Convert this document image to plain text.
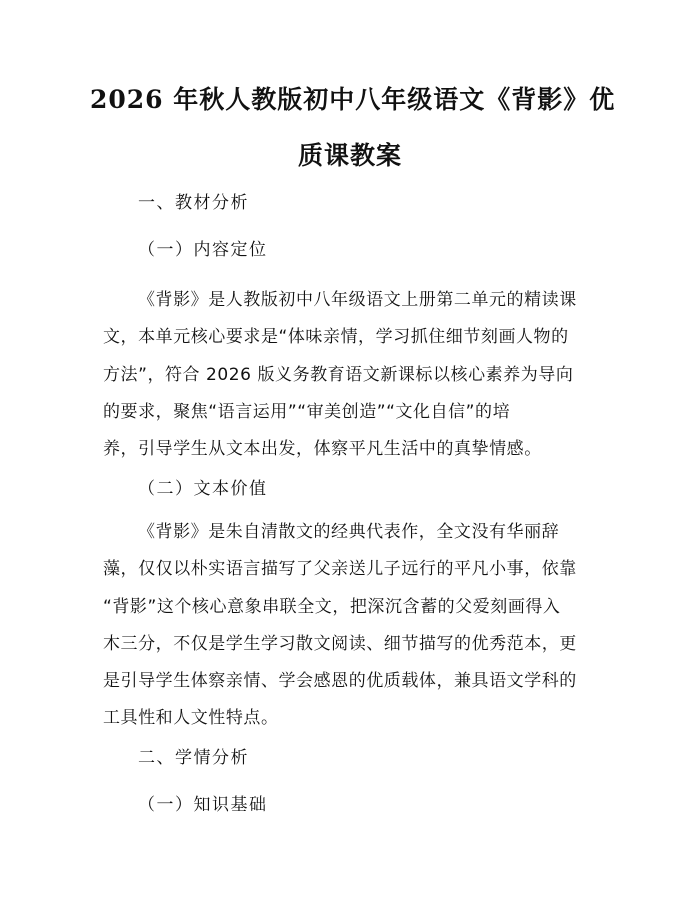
2026 年秋人教版初中八年级语文《背影》优
质课教案
一、教材分析
（一）内容定位
《背影》是人教版初中八年级语文上册第二单元的精读课
文，本单元核心要求是“体味亲情，学习抓住细节刻画人物的
方法”，符合 2026 版义务教育语文新课标以核心素养为导向
的要求，聚焦“语言运用”“审美创造”“文化自信”的培
养，引导学生从文本出发，体察平凡生活中的真挚情感。
（二）文本价值
《背影》是朱自清散文的经典代表作，全文没有华丽辞
藻，仅仅以朴实语言描写了父亲送儿子远行的平凡小事，依靠
“背影”这个核心意象串联全文，把深沉含蓄的父爱刻画得入
木三分，不仅是学生学习散文阅读、细节描写的优秀范本，更
是引导学生体察亲情、学会感恩的优质载体，兼具语文学科的
工具性和人文性特点。
二、学情分析
（一）知识基础
